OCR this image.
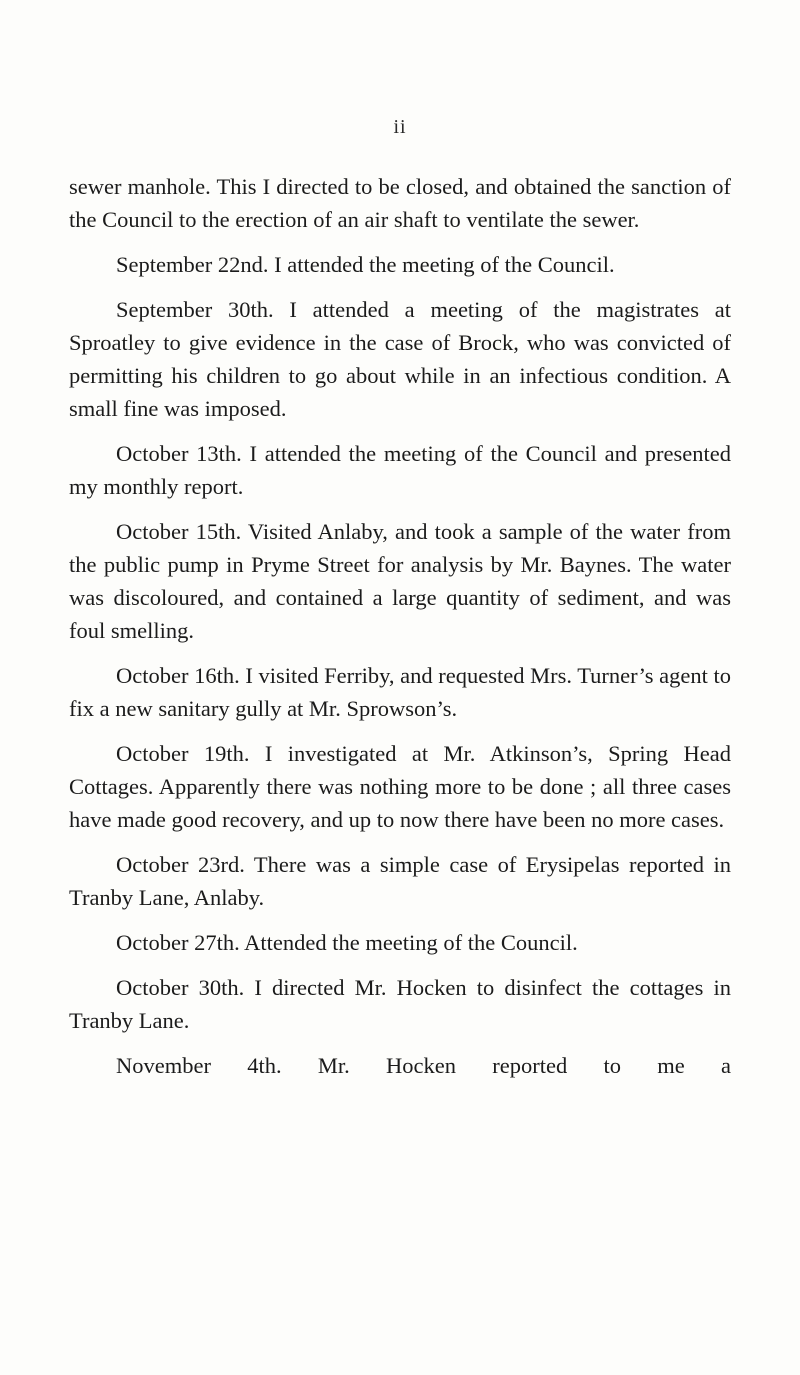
ii

sewer manhole. This I directed to be closed, and obtained the sanction of the Council to the erection of an air shaft to ventilate the sewer.

September 22nd. I attended the meeting of the Council.

September 30th. I attended a meeting of the magistrates at Sproatley to give evidence in the case of Brock, who was convicted of permitting his children to go about while in an infectious condition. A small fine was imposed.

October 13th. I attended the meeting of the Council and presented my monthly report.

October 15th. Visited Anlaby, and took a sample of the water from the public pump in Pryme Street for analysis by Mr. Baynes. The water was discoloured, and contained a large quantity of sediment, and was foul smelling.

October 16th. I visited Ferriby, and requested Mrs. Turner’s agent to fix a new sanitary gully at Mr. Sprowson’s.

October 19th. I investigated at Mr. Atkinson’s, Spring Head Cottages. Apparently there was nothing more to be done ; all three cases have made good recovery, and up to now there have been no more cases.

October 23rd. There was a simple case of Erysipelas reported in Tranby Lane, Anlaby.

October 27th. Attended the meeting of the Council.

October 30th. I directed Mr. Hocken to disinfect the cottages in Tranby Lane.

November 4th. Mr. Hocken reported to me a
